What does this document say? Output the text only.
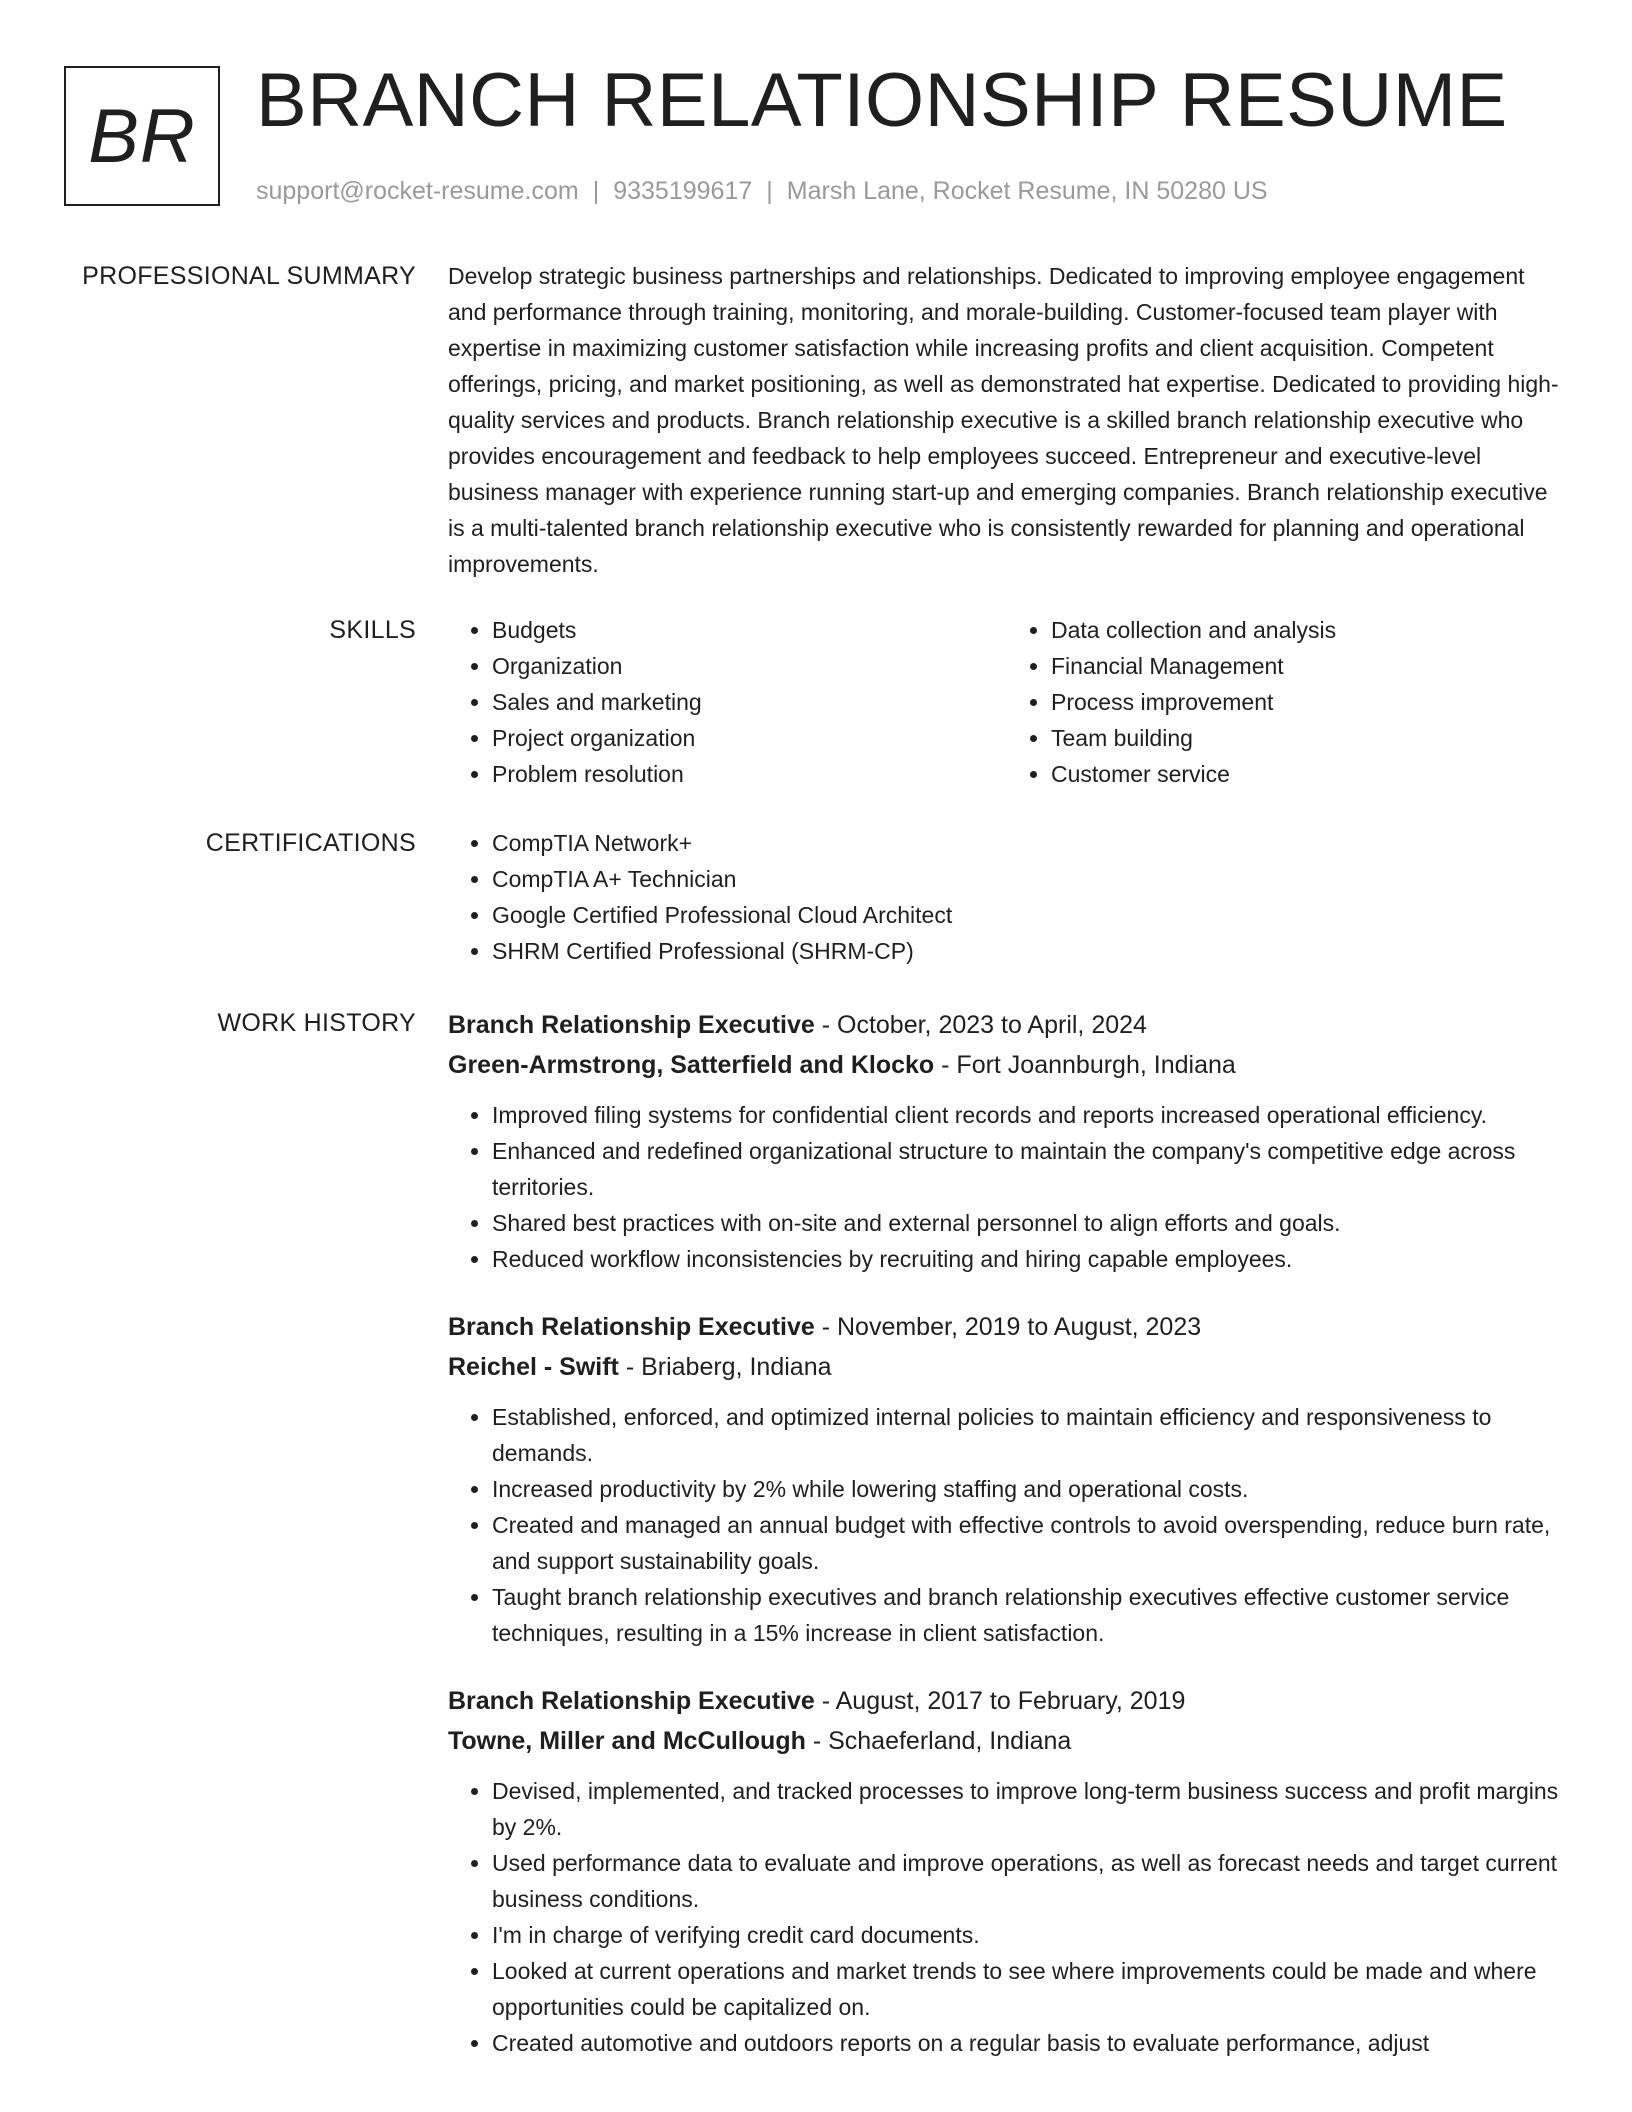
BR BRANCH RELATIONSHIP RESUME
support@rocket-resume.com | 9335199617 | Marsh Lane, Rocket Resume, IN 50280 US
PROFESSIONAL SUMMARY Develop strategic business partnerships and relationships. Dedicated to improving employee engagement and performance through training, monitoring, and morale-building. Customer-focused team player with expertise in maximizing customer satisfaction while increasing profits and client acquisition. Competent offerings, pricing, and market positioning, as well as demonstrated hat expertise. Dedicated to providing high-quality services and products. Branch relationship executive is a skilled branch relationship executive who provides encouragement and feedback to help employees succeed. Entrepreneur and executive-level business manager with experience running start-up and emerging companies. Branch relationship executive is a multi-talented branch relationship executive who is consistently rewarded for planning and operational improvements.

SKILLS	• Budgets
• Organization
• Sales and marketing
• Project organization
• Problem resolution
• Data collection and analysis
• Financial Management
• Process improvement
• Team building
• Customer service
CERTIFICATIONS	• CompTIA Network+
• CompTIA A+ Technician
• Google Certified Professional Cloud Architect
• SHRM Certified Professional (SHRM-CP)
WORK HISTORY Branch Relationship Executive - October, 2023 to April, 2024
Green-Armstrong, Satterfield and Klocko - Fort Joannburgh, Indiana
• Improved filing systems for confidential client records and reports increased operational efficiency.
• Enhanced and redefined organizational structure to maintain the company's competitive edge across territories.
• Shared best practices with on-site and external personnel to align efforts and goals.
• Reduced workflow inconsistencies by recruiting and hiring capable employees.
Branch Relationship Executive - November, 2019 to August, 2023
Reichel - Swift - Briaberg, Indiana
• Established, enforced, and optimized internal policies to maintain efficiency and responsiveness to demands.
• Increased productivity by 2% while lowering staffing and operational costs.
• Created and managed an annual budget with effective controls to avoid overspending, reduce burn rate, and support sustainability goals.
• Taught branch relationship executives and branch relationship executives effective customer service techniques, resulting in a 15% increase in client satisfaction.
Branch Relationship Executive - August, 2017 to February, 2019
Towne, Miller and McCullough - Schaeferland, Indiana
• Devised, implemented, and tracked processes to improve long-term business success and profit margins by 2%.
• Used performance data to evaluate and improve operations, as well as forecast needs and target current business conditions.
• I'm in charge of verifying credit card documents.
• Looked at current operations and market trends to see where improvements could be made and where opportunities could be capitalized on.
• Created automotive and outdoors reports on a regular basis to evaluate performance, adjust
